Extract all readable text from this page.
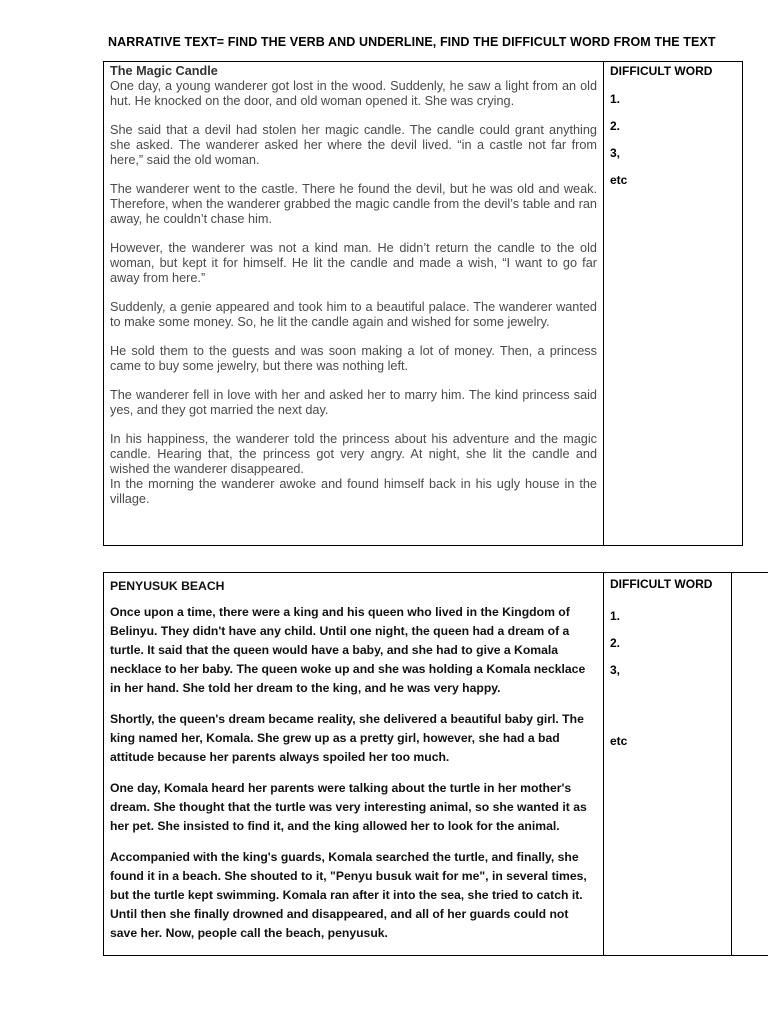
NARRATIVE TEXT= FIND THE VERB AND UNDERLINE, FIND THE DIFFICULT WORD FROM THE TEXT
The Magic Candle

One day, a young wanderer got lost in the wood. Suddenly, he saw a light from an old hut. He knocked on the door, and old woman opened it. She was crying.

She said that a devil had stolen her magic candle. The candle could grant anything she asked. The wanderer asked her where the devil lived. “in a castle not far from here,” said the old woman.

The wanderer went to the castle. There he found the devil, but he was old and weak. Therefore, when the wanderer grabbed the magic candle from the devil’s table and ran away, he couldn’t chase him.

However, the wanderer was not a kind man. He didn’t return the candle to the old woman, but kept it for himself. He lit the candle and made a wish, “I want to go far away from here.”

Suddenly, a genie appeared and took him to a beautiful palace. The wanderer wanted to make some money. So, he lit the candle again and wished for some jewelry.

He sold them to the guests and was soon making a lot of money. Then, a princess came to buy some jewelry, but there was nothing left.

The wanderer fell in love with her and asked her to marry him. The kind princess said yes, and they got married the next day.

In his happiness, the wanderer told the princess about his adventure and the magic candle. Hearing that, the princess got very angry. At night, she lit the candle and wished the wanderer disappeared.

In the morning the wanderer awoke and found himself back in his ugly house in the village.

DIFFICULT WORD
1.
2.
3,
etc
PENYUSUK BEACH

Once upon a time, there were a king and his queen who lived in the Kingdom of Belinyu. They didn't have any child. Until one night, the queen had a dream of a turtle. It said that the queen would have a baby, and she had to give a Komala necklace to her baby. The queen woke up and she was holding a Komala necklace in her hand. She told her dream to the king, and he was very happy.

Shortly, the queen's dream became reality, she delivered a beautiful baby girl. The king named her, Komala. She grew up as a pretty girl, however, she had a bad attitude because her parents always spoiled her too much.

One day, Komala heard her parents were talking about the turtle in her mother's dream. She thought that the turtle was very interesting animal, so she wanted it as her pet. She insisted to find it, and the king allowed her to look for the animal.

Accompanied with the king's guards, Komala searched the turtle, and finally, she found it in a beach. She shouted to it, "Penyu busuk wait for me", in several times, but the turtle kept swimming. Komala ran after it into the sea, she tried to catch it. Until then she finally drowned and disappeared, and all of her guards could not save her. Now, people call the beach, penyusuk.

DIFFICULT WORD
1.
2.
3,
etc
